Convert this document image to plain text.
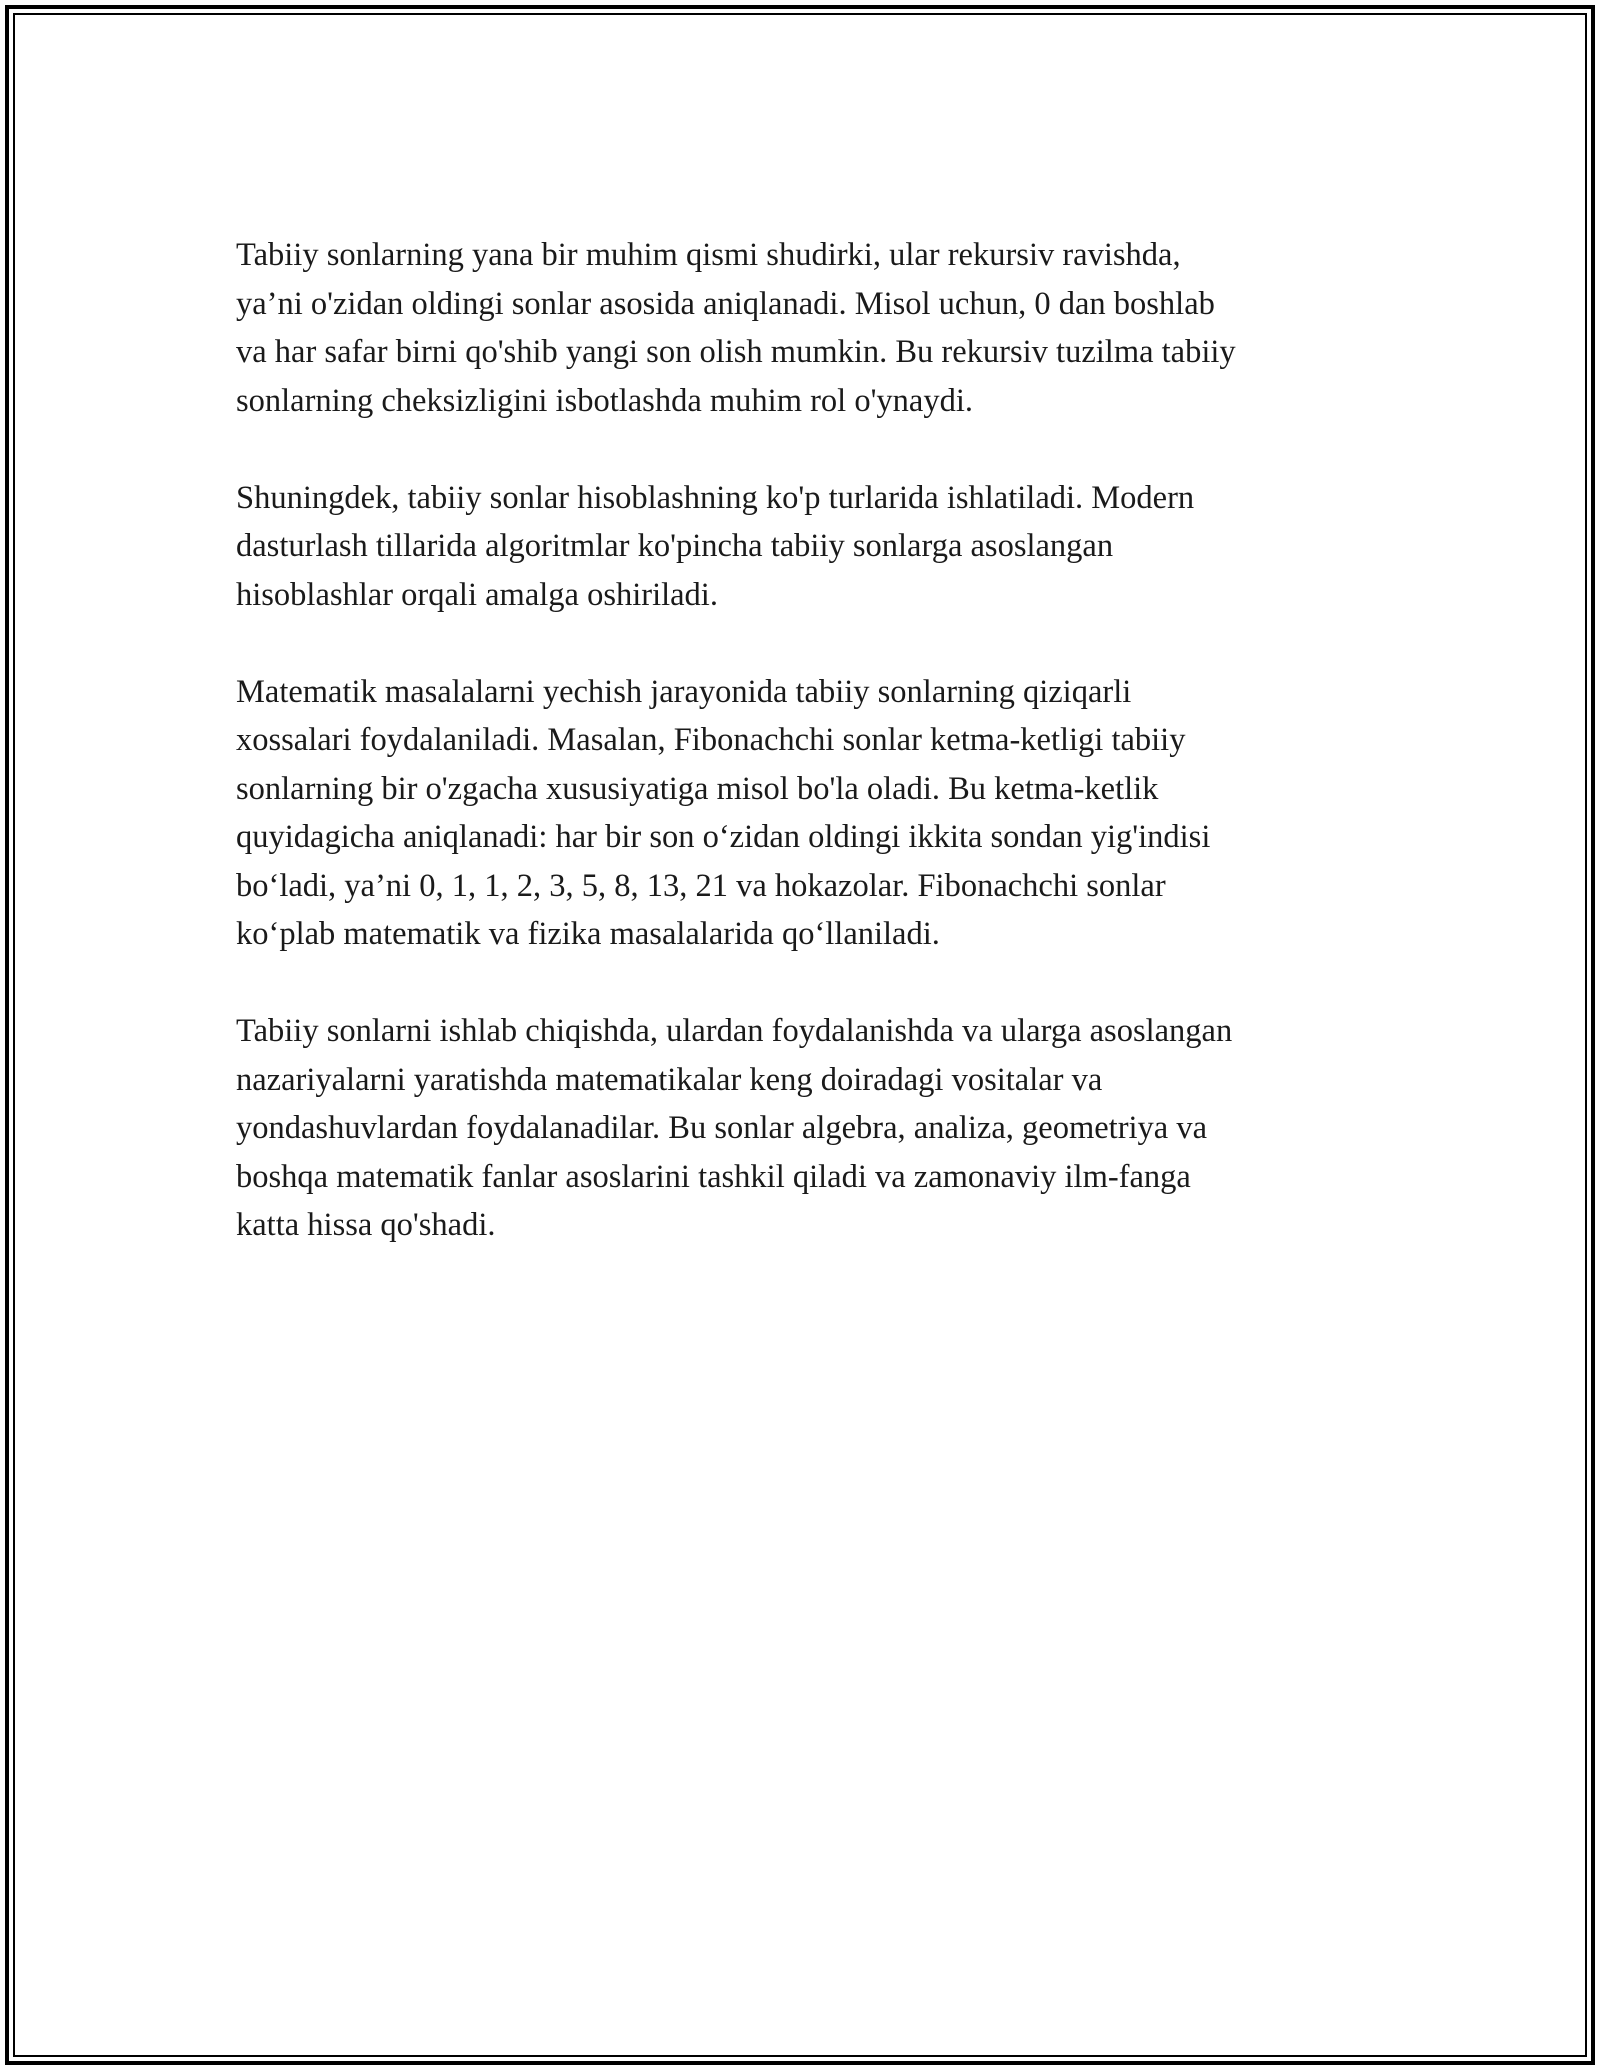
Tabiiy sonlarning yana bir muhim qismi shudirki, ular rekursiv ravishda,
ya’ni o'zidan oldingi sonlar asosida aniqlanadi. Misol uchun, 0 dan boshlab
va har safar birni qo'shib yangi son olish mumkin. Bu rekursiv tuzilma tabiiy
sonlarning cheksizligini isbotlashda muhim rol o'ynaydi.

Shuningdek, tabiiy sonlar hisoblashning ko'p turlarida ishlatiladi. Modern
dasturlash tillarida algoritmlar ko'pincha tabiiy sonlarga asoslangan
hisoblashlar orqali amalga oshiriladi.

Matematik masalalarni yechish jarayonida tabiiy sonlarning qiziqarli
xossalari foydalaniladi. Masalan, Fibonachchi sonlar ketma-ketligi tabiiy
sonlarning bir o'zgacha xususiyatiga misol bo'la oladi. Bu ketma-ketlik
quyidagicha aniqlanadi: har bir son o‘zidan oldingi ikkita sondan yig'indisi
bo‘ladi, ya’ni 0, 1, 1, 2, 3, 5, 8, 13, 21 va hokazolar. Fibonachchi sonlar
ko‘plab matematik va fizika masalalarida qo‘llaniladi.

Tabiiy sonlarni ishlab chiqishda, ulardan foydalanishda va ularga asoslangan
nazariyalarni yaratishda matematikalar keng doiradagi vositalar va
yondashuvlardan foydalanadilar. Bu sonlar algebra, analiza, geometriya va
boshqa matematik fanlar asoslarini tashkil qiladi va zamonaviy ilm-fanga
katta hissa qo'shadi.
